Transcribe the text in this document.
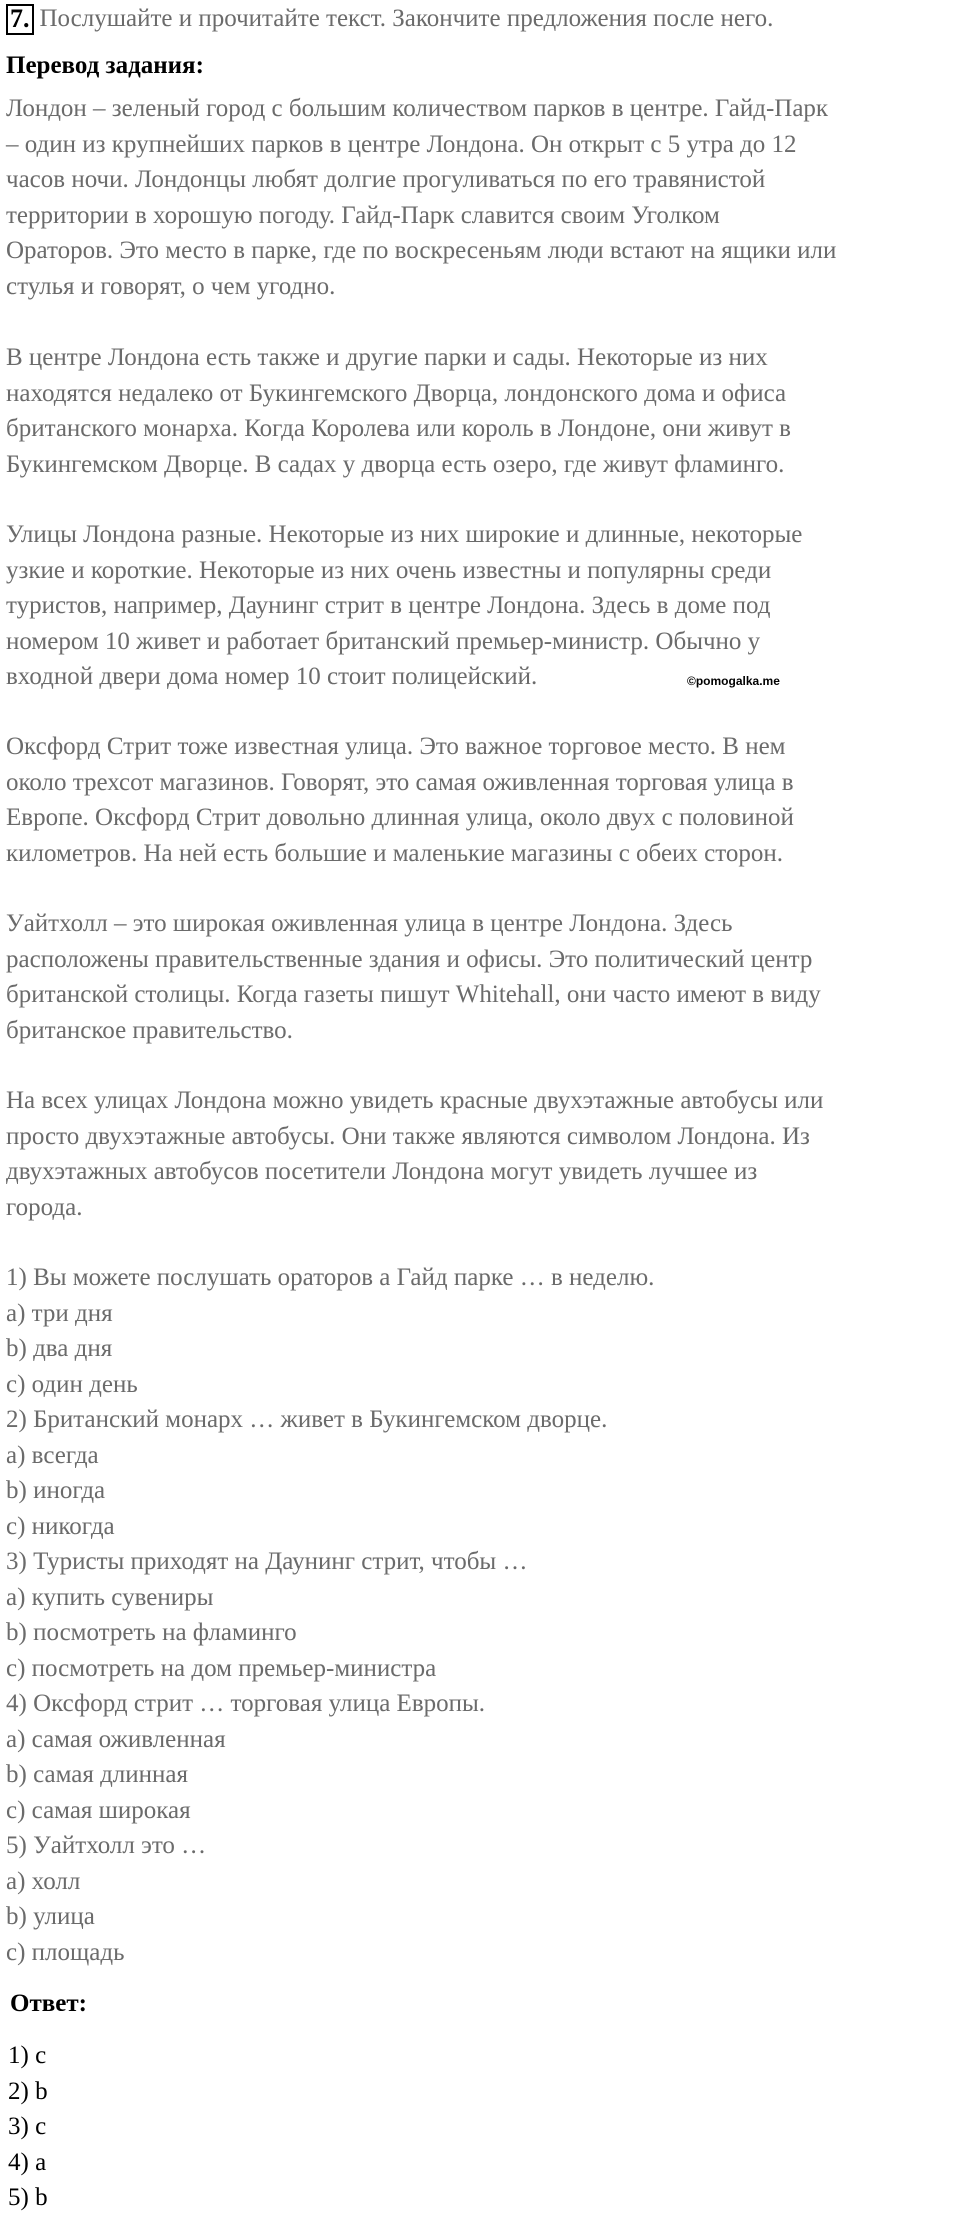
7. Послушайте и прочитайте текст. Закончите предложения после него.
Перевод задания:
Лондон – зеленый город с большим количеством парков в центре. Гайд-Парк
– один из крупнейших парков в центре Лондона. Он открыт с 5 утра до 12
часов ночи. Лондонцы любят долгие прогуливаться по его травянистой
территории в хорошую погоду. Гайд-Парк славится своим Уголком
Ораторов. Это место в парке, где по воскресеньям люди встают на ящики или
стулья и говорят, о чем угодно.
В центре Лондона есть также и другие парки и сады. Некоторые из них
находятся недалеко от Букингемского Дворца, лондонского дома и офиса
британского монарха. Когда Королева или король в Лондоне, они живут в
Букингемском Дворце. В садах у дворца есть озеро, где живут фламинго.
Улицы Лондона разные. Некоторые из них широкие и длинные, некоторые
узкие и короткие. Некоторые из них очень известны и популярны среди
туристов, например, Даунинг стрит в центре Лондона. Здесь в доме под
номером 10 живет и работает британский премьер-министр. Обычно у
входной двери дома номер 10 стоит полицейский.	©pomogalka.me
Оксфорд Стрит тоже известная улица. Это важное торговое место. В нем
около трехсот магазинов. Говорят, это самая оживленная торговая улица в
Европе. Оксфорд Стрит довольно длинная улица, около двух с половиной
километров. На ней есть большие и маленькие магазины с обеих сторон.
Уайтхолл – это широкая оживленная улица в центре Лондона. Здесь
расположены правительственные здания и офисы. Это политический центр
британской столицы. Когда газеты пишут Whitehall, они часто имеют в виду
британское правительство.
На всех улицах Лондона можно увидеть красные двухэтажные автобусы или
просто двухэтажные автобусы. Они также являются символом Лондона. Из
двухэтажных автобусов посетители Лондона могут увидеть лучшее из
города.
1) Вы можете послушать ораторов а Гайд парке … в неделю.
a) три дня
b) два дня
c) один день
2) Британский монарх … живет в Букингемском дворце.
a) всегда
b) иногда
c) никогда
3) Туристы приходят на Даунинг стрит, чтобы …
a) купить сувениры
b) посмотреть на фламинго
c) посмотреть на дом премьер-министра
4) Оксфорд стрит … торговая улица Европы.
a) самая оживленная
b) самая длинная
c) самая широкая
5) Уайтхолл это …
a) холл
b) улица
c) площадь
Ответ:
1) c
2) b
3) c
4) a
5) b
